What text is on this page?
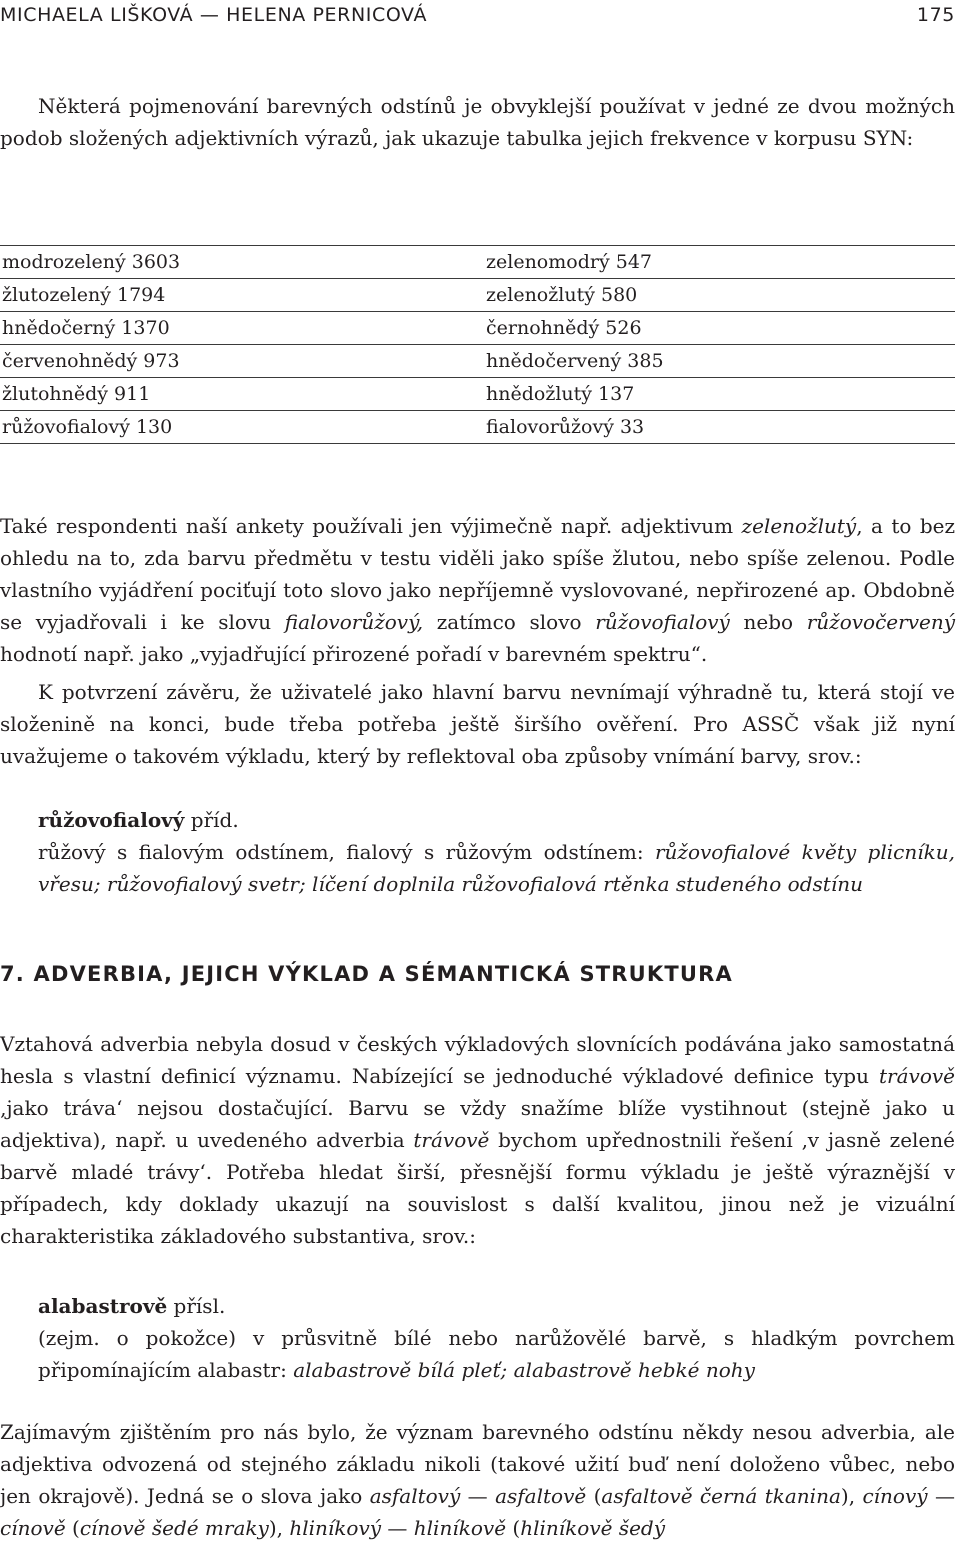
MICHAELA LIŠKOVÁ — HELENA PERNICOVÁ	175

Některá pojmenování barevných odstínů je obvyklejší používat v jedné ze dvou možných podob složených adjektivních výrazů, jak ukazuje tabulka jejich frekvence v korpusu SYN:

modrozelený 3603	zelenomodrý 547
žlutozelený 1794	zelenožlutý 580
hnědočerný 1370	černohnědý 526
červenohnědý 973	hnědočervený 385
žlutohnědý 911	hnědožlutý 137
růžovofialový 130	fialovorůžový 33

Také respondenti naší ankety používali jen výjimečně např. adjektivum zelenožlutý, a to bez ohledu na to, zda barvu předmětu v testu viděli jako spíše žlutou, nebo spíše zelenou. Podle vlastního vyjádření pociťují toto slovo jako nepříjemně vyslovované, nepřirozené ap. Obdobně se vyjadřovali i ke slovu fialovorůžový, zatímco slovo růžovofialový nebo růžovočervený hodnotí např. jako „vyjadřující přirozené pořadí v barevném spektru“.

K potvrzení závěru, že uživatelé jako hlavní barvu nevnímají výhradně tu, která stojí ve složenině na konci, bude třeba potřeba ještě širšího ověření. Pro ASSČ však již nyní uvažujeme o takovém výkladu, který by reflektoval oba způsoby vnímání barvy, srov.:

růžovofialový příd.
růžový s fialovým odstínem, fialový s růžovým odstínem: růžovofialové květy plicníku, vřesu; růžovofialový svetr; líčení doplnila růžovofialová rtěnka studeného odstínu
7. ADVERBIA, JEJICH VÝKLAD A SÉMANTICKÁ STRUKTURA

Vztahová adverbia nebyla dosud v českých výkladových slovnících podávána jako samostatná hesla s vlastní definicí významu. Nabízející se jednoduché výkladové definice typu trávově ‚jako tráva‘ nejsou dostačující. Barvu se vždy snažíme blíže vystihnout (stejně jako u adjektiva), např. u uvedeného adverbia trávově bychom upřednostnili řešení ‚v jasně zelené barvě mladé trávy‘. Potřeba hledat širší, přesnější formu výkladu je ještě výraznější v případech, kdy doklady ukazují na souvislost s další kvalitou, jinou než je vizuální charakteristika základového substantiva, srov.:

alabastrově přísl.
(zejm. o pokožce) v průsvitně bílé nebo narůžovělé barvě, s hladkým povrchem připomínajícím alabastr: alabastrově bílá pleť; alabastrově hebké nohy

Zajímavým zjištěním pro nás bylo, že význam barevného odstínu někdy nesou adverbia, ale adjektiva odvozená od stejného základu nikoli (takové užití buď není doloženo vůbec, nebo jen okrajově). Jedná se o slova jako asfaltový — asfaltově (asfaltově černá tkanina), cínový — cínově (cínově šedé mraky), hliníkový — hliníkově (hliníkově šedý
